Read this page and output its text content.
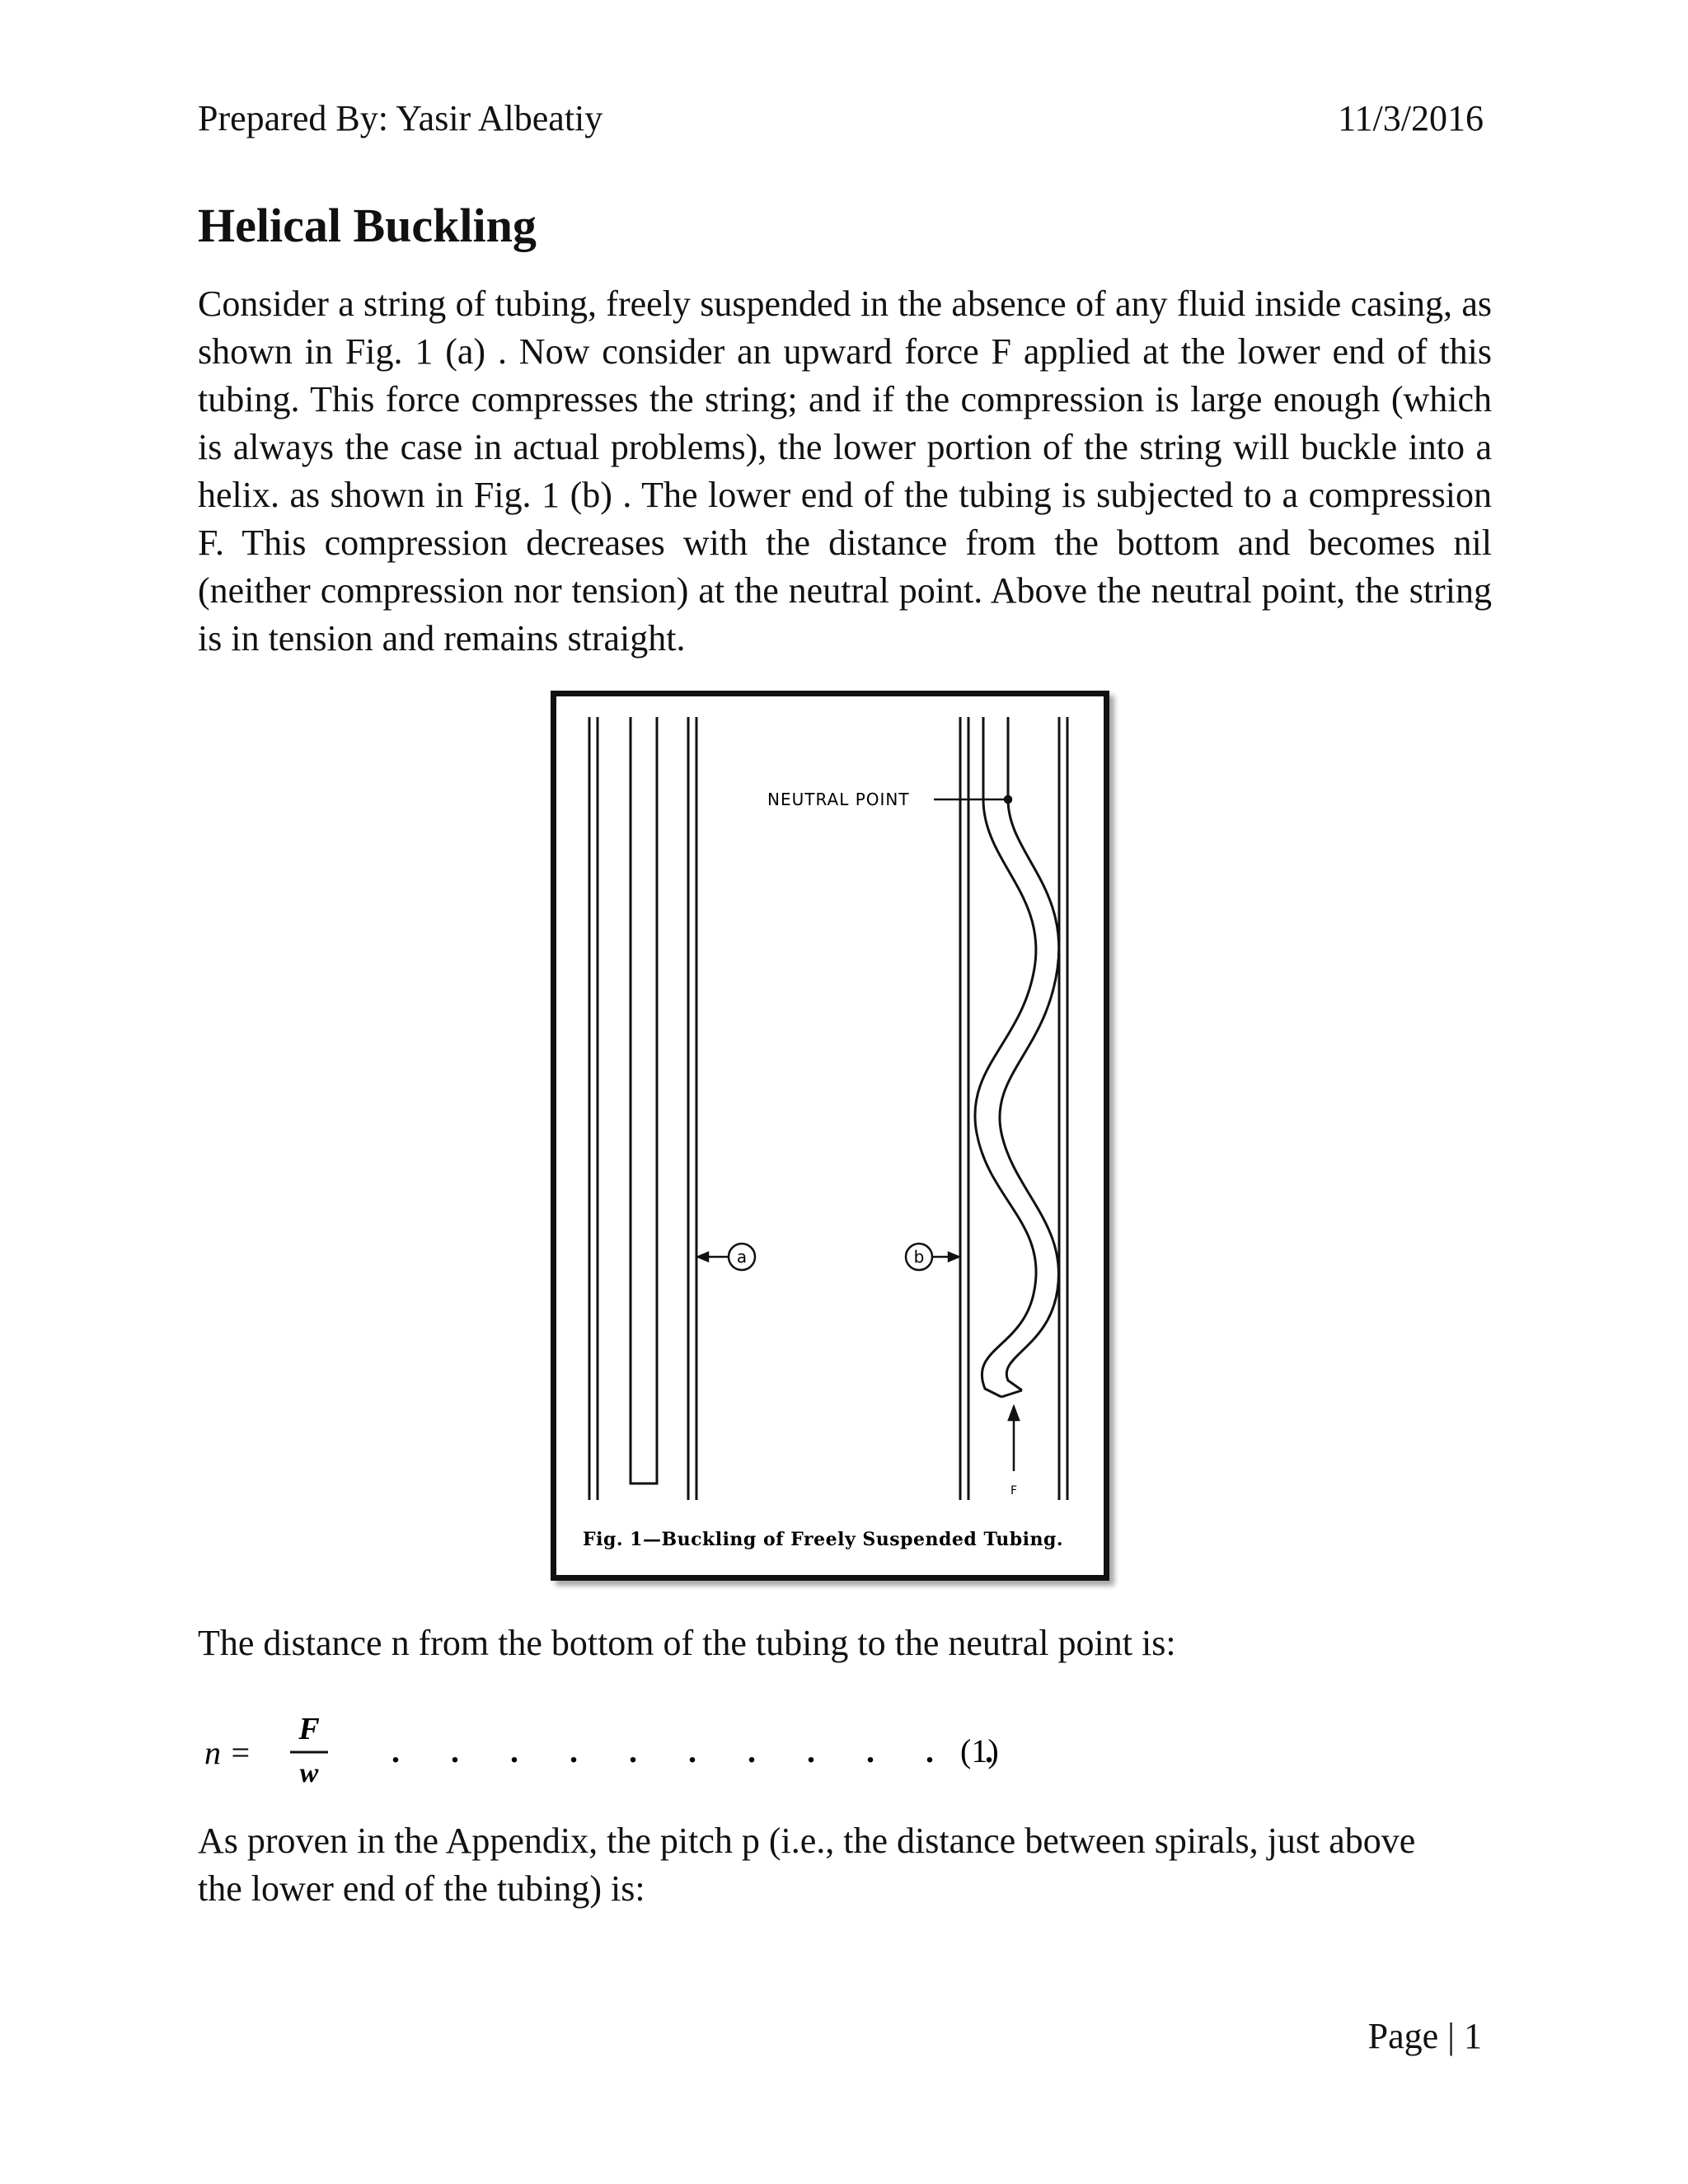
Prepared By: Yasir Albeatiy	11/3/2016
Helical Buckling

Consider a string of tubing, freely suspended in the absence of any fluid inside casing, as shown in Fig. 1 (a) . Now consider an upward force F applied at the lower end of this tubing. This force compresses the string; and if the compression is large enough (which is always the case in actual problems), the lower portion of the string will buckle into a helix. as shown in Fig. 1 (b) . The lower end of the tubing is subjected to a compression F. This compression decreases with the distance from the bottom and becomes nil (neither compression nor tension) at the neutral point. Above the neutral point, the string is in tension and remains straight.

a
NEUTRAL POINT
b
F
Fig. 1—Buckling of Freely Suspended Tubing.

The distance n from the bottom of the tubing to the neutral point is:

n =
F
w
. . . . . . . . . . .
(1)

As proven in the Appendix, the pitch p (i.e., the distance between spirals, just above the lower end of the tubing) is:

Page | 1
